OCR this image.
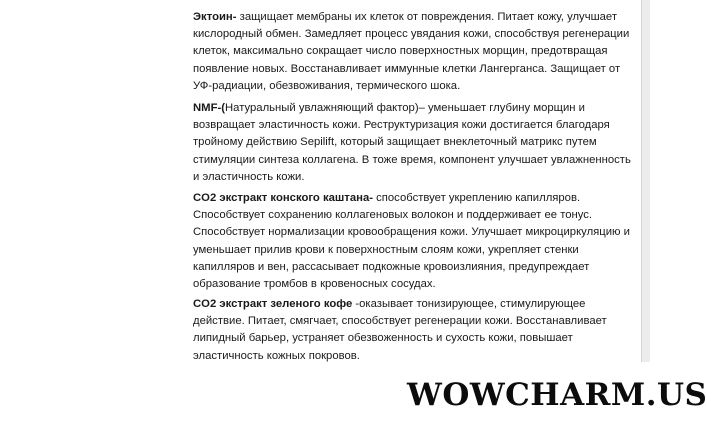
Эктоин- защищает мембраны их клеток от повреждения. Питает кожу, улучшает
кислородный обмен. Замедляет процесс увядания кожи, способствуя регенерации
клеток, максимально сокращает число поверхностных морщин, предотвращая
появление новых. Восстанавливает иммунные клетки Лангерганса. Защищает от
УФ-радиации, обезвоживания, термического шока.

NMF-(Натуральный увлажняющий фактор)– уменьшает глубину морщин и
возвращает эластичность кожи. Реструктуризация кожи достигается благодаря
тройному действию Sepilift, который защищает внеклеточный матрикс путем
стимуляции синтеза коллагена. В тоже время, компонент улучшает увлажненность
и эластичность кожи.

CO2 экстракт конского каштана- способствует укреплению капилляров.
Способствует сохранению коллагеновых волокон и поддерживает ее тонус.
Способствует нормализации кровообращения кожи. Улучшает микроциркуляцию и
уменьшает прилив крови к поверхностным слоям кожи, укрепляет стенки
капилляров и вен, рассасывает подкожные кровоизлияния, предупреждает
образование тромбов в кровеносных сосудах.

CO2 экстракт зеленого кофе -оказывает тонизирующее, стимулирующее
действие. Питает, смягчает, способствует регенерации кожи. Восстанавливает
липидный барьер, устраняет обезвоженность и сухость кожи, повышает
эластичность кожных покровов.

WOWCHARM.US
